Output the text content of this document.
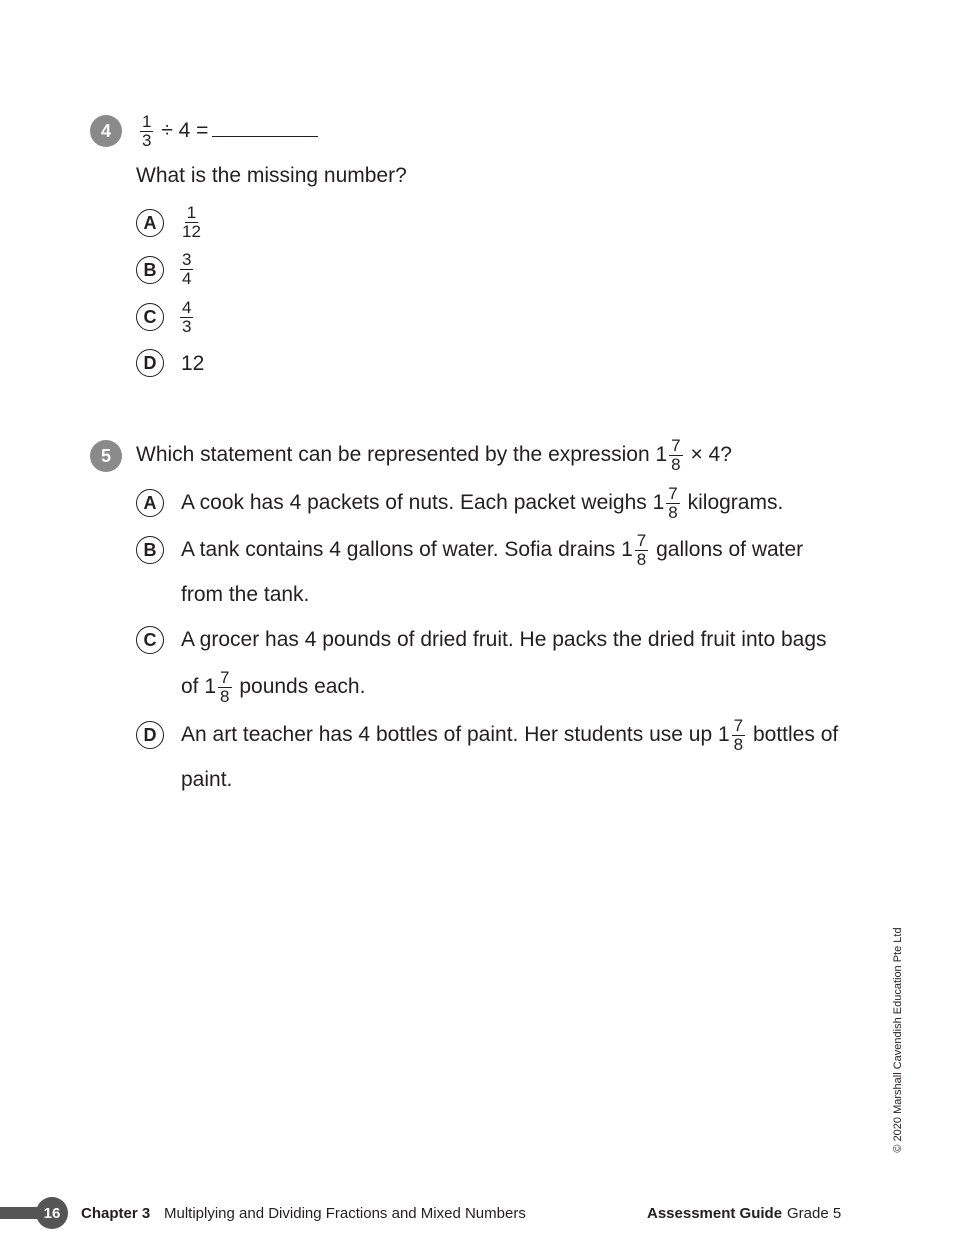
4	$\frac{1}{3} \div 4$ =
What is the missing number?
A	$\frac{1}{12}$
B	$\frac{3}{4}$
C	$\frac{4}{3}$
D	12
5	Which statement can be represented by the expression $1 \frac{7}{8} \times 4$?
A	A cook has 4 packets of nuts. Each packet weighs $1 \frac{7}{8}$ kilograms.
B	A tank contains 4 gallons of water. Sofia drains $1 \frac{7}{8}$ gallons of water
from the tank.
C	A grocer has 4 pounds of dried fruit. He packs the dried fruit into bags
of $1 \frac{7}{8}$ pounds each.
D	An art teacher has 4 bottles of paint. Her students use up $1 \frac{7}{8}$ bottles of
paint.
© 2020 Marshall Cavendish Education Pte Ltd
16	Chapter 3 Multiplying and Dividing Fractions and Mixed Numbers	Assessment Guide Grade 5
